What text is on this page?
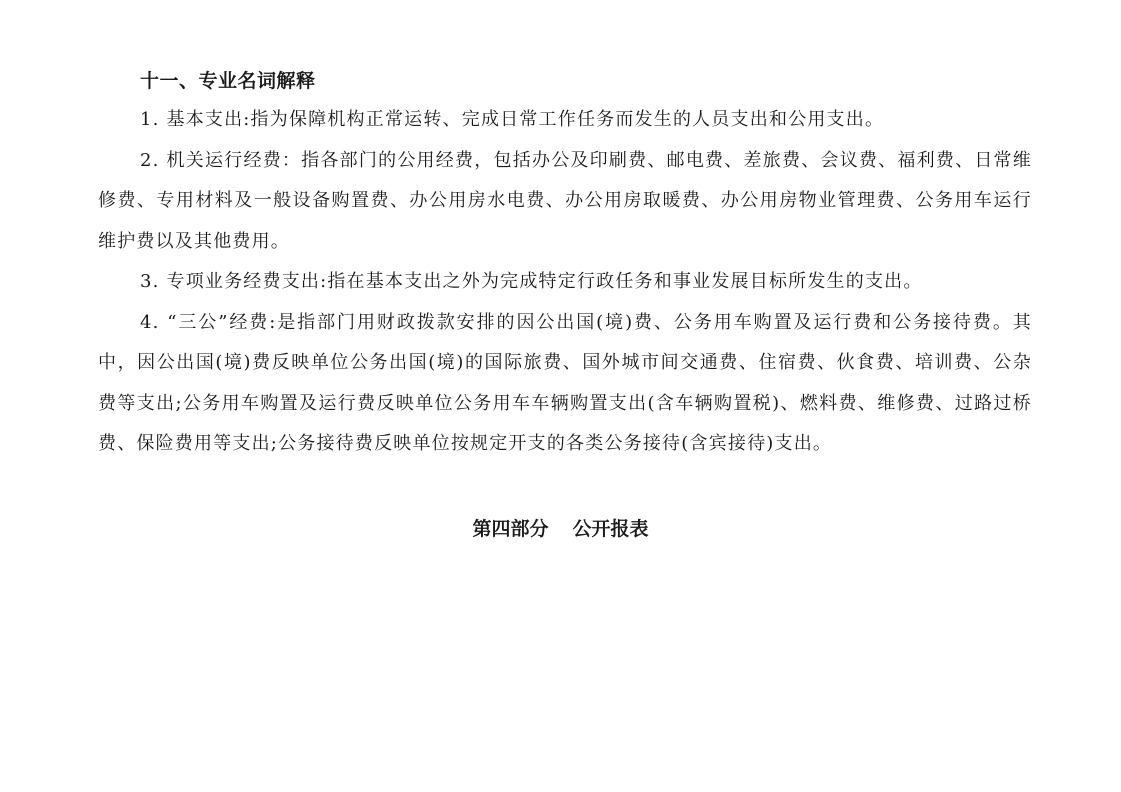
十一、专业名词解释

1. 基本支出:指为保障机构正常运转、完成日常工作任务而发生的人员支出和公用支出。

2. 机关运行经费：指各部门的公用经费，包括办公及印刷费、邮电费、差旅费、会议费、福利费、日常维修费、专用材料及一般设备购置费、办公用房水电费、办公用房取暖费、办公用房物业管理费、公务用车运行维护费以及其他费用。

3. 专项业务经费支出:指在基本支出之外为完成特定行政任务和事业发展目标所发生的支出。

4. “三公”经费:是指部门用财政拨款安排的因公出国(境)费、公务用车购置及运行费和公务接待费。其中，因公出国(境)费反映单位公务出国(境)的国际旅费、国外城市间交通费、住宿费、伙食费、培训费、公杂费等支出;公务用车购置及运行费反映单位公务用车车辆购置支出(含车辆购置税)、燃料费、维修费、过路过桥费、保险费用等支出;公务接待费反映单位按规定开支的各类公务接待(含宾接待)支出。

第四部分 公开报表
